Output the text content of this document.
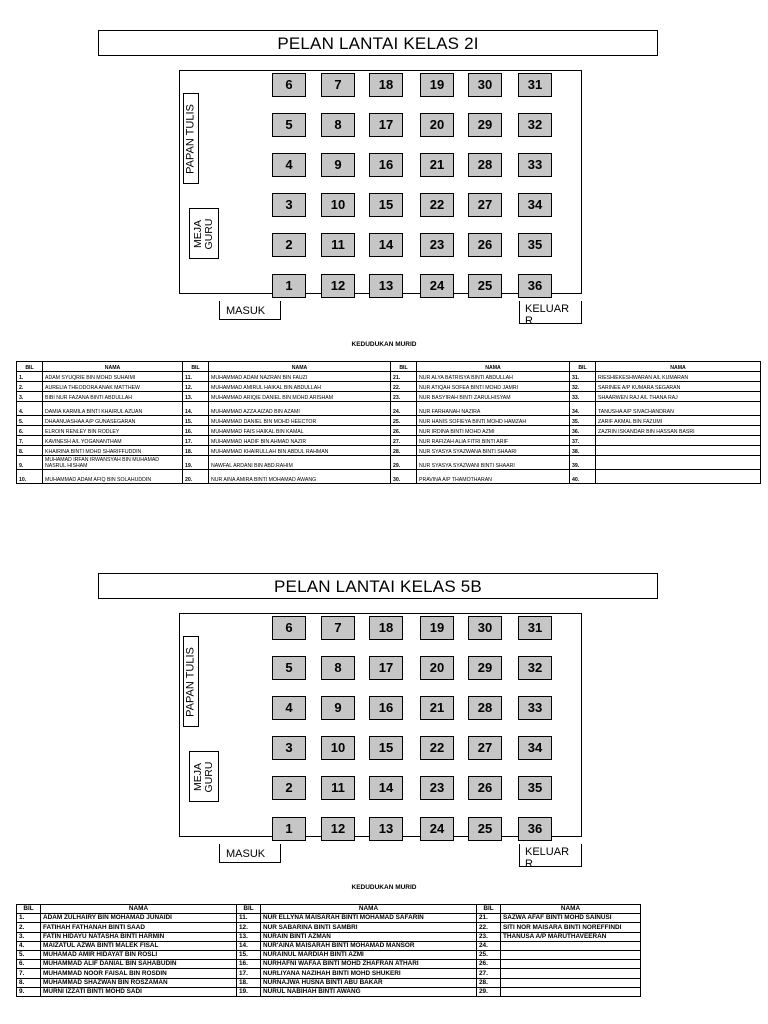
PELAN LANTAI KELAS 2I
PAPAN TULIS
MEJA
GURU
6	7	18	19	30	31
5	8	17	20	29	32
4	9	16	21	28	33
3	10	15	22	27	34
2	11	14	23	26	35
1	12	13	24	25	36
MASUK	KELUAR
R
KEDUDUKAN MURID
BIL	NAMA	BIL	NAMA	BIL	NAMA	BIL	NAMA
1.	ADAM SYUQRIE BIN MOHD SUHAIMI	11.	MUHAMMAD ADAM NAZRAN BIN FAUZI	21.	NUR ALYA BATRISYA BINTI ABDULLAH	31.	RIESHIEKESHWARAN A/L KUMARAN
2.	AURELIA THEODORA ANAK MATTHEW	12.	MUHAMMAD AMIRUL HAIKAL BIN ABDULLAH	22.	NUR ATIQAH SOFEA BINTI MOHD JAMRI	32.	SARINEE A/P KUMARA SEGARAN
3.	BIBI NUR FAZANA BINTI ABDULLAH	13.	MUHAMMAD ARIQIE DANIEL BIN MOHD ARISHAM	23.	NUR BASYIRAH BINTI ZARULHISYAM	33.	SHAARWEN RAJ A/L THANA RAJ
4.	DAMIA KARMILA BINTI KHAIRUL AZUAN	14.	MUHAMMAD AZZA AIZAD BIN AZAMI	24.	NUR FARHANAH NAZIRA	34.	TANUSHA A/P SIVACHANDRAN
5.	DHAANUASHAA A/P GUNASEGARAN	15.	MUHAMMAD DANIEL BIN MOHD HEECTOR	25.	NUR HANIS SOFIEYA BINTI MOHD HAMZAH	35.	ZARIF AKMAL BIN FAZUMI
6.	ELROIN RENLEY BIN RODLEY	16.	MUHAMMAD FAIS HAIKAL BIN KAMAL	26.	NUR IRDINA BINTI MOHD AZMI	36.	ZAZRIN ISKANDAR BIN HASSAN BASRI
7.	KAVINESH A/L YOGANANTHAM	17.	MUHAMMAD HADIF BIN AHMAD NAZIR	27.	NUR RAFIZAH ALIA FITRI BINTI ARIF	37.	
8.	KHAIRINA BINTI MOHD SHARIFFUDDIN	18.	MUHAMMAD KHAIRULLAH BIN ABDUL RAHMAN	28.	NUR SYASYA SYAZWANA BINTI SHAARI	38.	
9.	MUHAMAD IRFAN IRWANSYAH BIN MUHAMAD NASRUL HISHAM	19.	NAWFAL ARDANI BIN ABD.RAHIM	29.	NUR SYASYA SYAZWANI BINTI SHAARI	39.	
10.	MUHAMMAD ADAM AFIQ BIN SOLAHUDDIN	20.	NUR AINA AMIRA BINTI MOHAMAD AWANG	30.	PRAVINA A/P THAMOTHARAN	40.	
PELAN LANTAI KELAS 5B
PAPAN TULIS
MEJA
GURU
6	7	18	19	30	31
5	8	17	20	29	32
4	9	16	21	28	33
3	10	15	22	27	34
2	11	14	23	26	35
1	12	13	24	25	36
MASUK	KELUAR
R
KEDUDUKAN MURID
BIL	NAMA	BIL	NAMA	BIL	NAMA
1.	ADAM ZULHAIRY BIN MOHAMAD JUNAIDI	11.	NUR ELLYNA MAISARAH BINTI MOHAMAD SAFARIN	21.	SAZWA AFAF BINTI MOHD SAINUSI
2.	FATIHAH FATHANAH BINTI SAAD	12.	NUR SABARINA BINTI SAMBRI	22.	SITI NOR MAISARA BINTI NOREFFINDI
3.	FATIN HIDAYU NATASHA BINTI HARMIN	13.	NURAIN BINTI AZMAN	23.	THANUSA A/P MARUTHAVEERAN
4.	MAIZATUL AZWA BINTI MALEK FISAL	14.	NUR'AINA MAISARAH BINTI MOHAMAD MANSOR	24.	
5.	MUHAMAD AMIR HIDAYAT BIN ROSLI	15.	NURAINUL MARDIAH BINTI AZMI	25.	
6.	MUHAMMAD ALIF DANIAL BIN SAHABUDIN	16.	NURHAFNI WAFAA BINTI MOHD ZHAFRAN ATHARI	26.	
7.	MUHAMMAD NOOR FAISAL BIN ROSDIN	17.	NURLIYANA NAZIHAH BINTI MOHD SHUKERI	27.	
8.	MUHAMMAD SHAZWAN BIN ROSZAMAN	18.	NURNAJWA HUSNA BINTI ABU BAKAR	28.	
9.	MURNI IZZATI BINTI MOHD SADI	19.	NURUL NABIHAH BINTI AWANG	29.	
